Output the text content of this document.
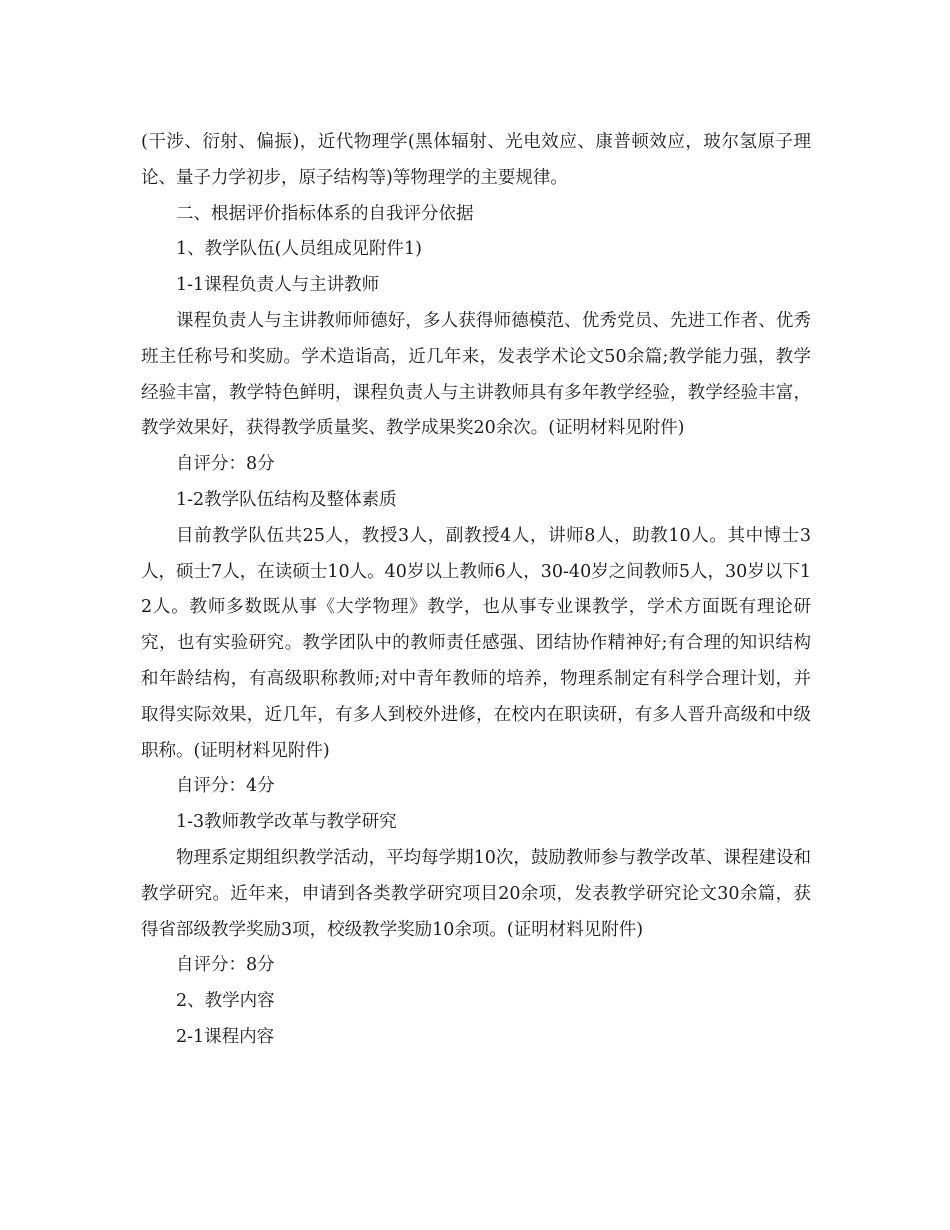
(干涉、衍射、偏振)，近代物理学(黑体辐射、光电效应、康普顿效应，玻尔氢原子理论、量子力学初步，原子结构等)等物理学的主要规律。

二、根据评价指标体系的自我评分依据

1、教学队伍(人员组成见附件1)

1-1课程负责人与主讲教师

课程负责人与主讲教师师德好，多人获得师德模范、优秀党员、先进工作者、优秀班主任称号和奖励。学术造诣高，近几年来，发表学术论文50余篇;教学能力强，教学经验丰富，教学特色鲜明，课程负责人与主讲教师具有多年教学经验，教学经验丰富，教学效果好，获得教学质量奖、教学成果奖20余次。(证明材料见附件)

自评分：8分

1-2教学队伍结构及整体素质

目前教学队伍共25人，教授3人，副教授4人，讲师8人，助教10人。其中博士3人，硕士7人，在读硕士10人。40岁以上教师6人，30-40岁之间教师5人，30岁以下12人。教师多数既从事《大学物理》教学，也从事专业课教学，学术方面既有理论研究，也有实验研究。教学团队中的教师责任感强、团结协作精神好;有合理的知识结构和年龄结构，有高级职称教师;对中青年教师的培养，物理系制定有科学合理计划，并取得实际效果，近几年，有多人到校外进修，在校内在职读研，有多人晋升高级和中级职称。(证明材料见附件)

自评分：4分

1-3教师教学改革与教学研究

物理系定期组织教学活动，平均每学期10次，鼓励教师参与教学改革、课程建设和教学研究。近年来，申请到各类教学研究项目20余项，发表教学研究论文30余篇，获得省部级教学奖励3项，校级教学奖励10余项。(证明材料见附件)

自评分：8分

2、教学内容

2-1课程内容
